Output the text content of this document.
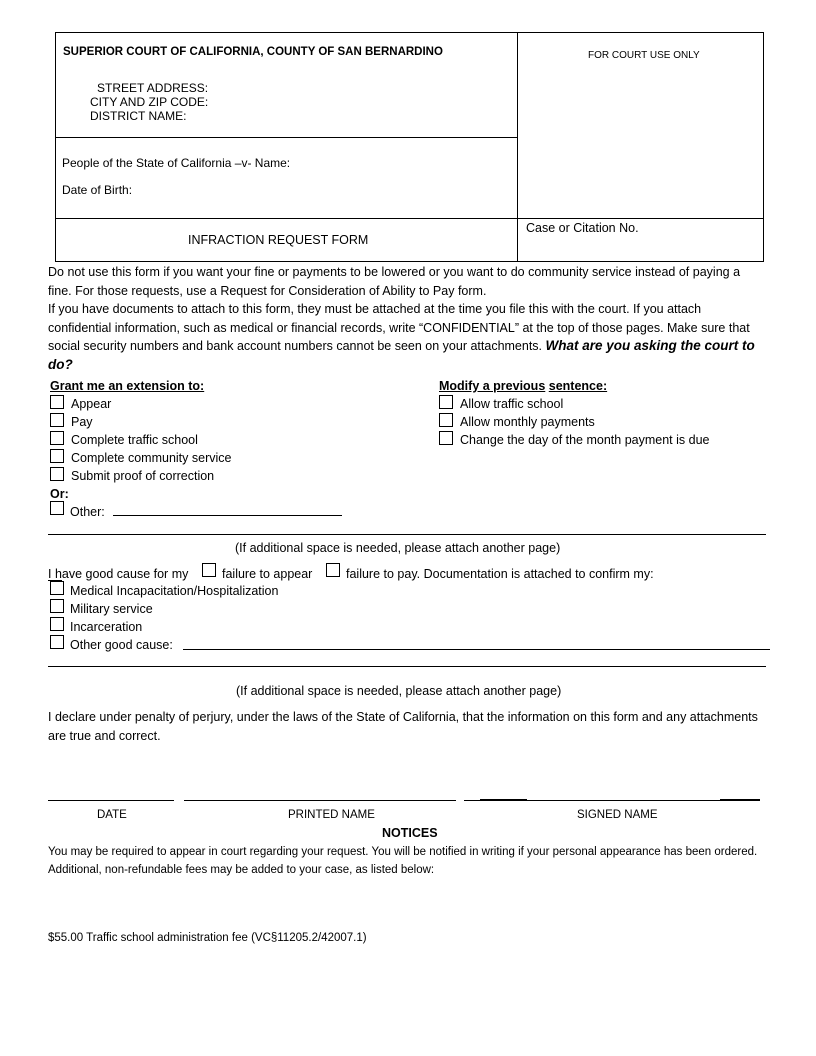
SUPERIOR COURT OF CALIFORNIA, COUNTY OF SAN BERNARDINO
STREET ADDRESS:
CITY AND ZIP CODE:
DISTRICT NAME:
FOR COURT USE ONLY
People of the State of California –v- Name:
Date of Birth:
INFRACTION REQUEST FORM
Case or Citation No.
Do not use this form if you want your fine or payments to be lowered or you want to do community service instead of paying a fine. For those requests, use a Request for Consideration of Ability to Pay form.
If you have documents to attach to this form, they must be attached at the time you file this with the court. If you attach confidential information, such as medical or financial records, write “CONFIDENTIAL” at the top of those pages. Make sure that social security numbers and bank account numbers cannot be seen on your attachments. What are you asking the court to do?
Grant me an extension to:
Appear
Pay
Complete traffic school
Complete community service
Submit proof of correction
Modify a previous sentence:
Allow traffic school
Allow monthly payments
Change the day of the month payment is due
Or:
Other:
(If additional space is needed, please attach another page)
I have good cause for my	failure to appear	failure to pay. Documentation is attached to confirm my:
Medical Incapacitation/Hospitalization
Military service
Incarceration
Other good cause:
(If additional space is needed, please attach another page)
I declare under penalty of perjury, under the laws of the State of California, that the information on this form and any attachments are true and correct.
DATE	PRINTED NAME	SIGNED NAME
NOTICES
You may be required to appear in court regarding your request. You will be notified in writing if your personal appearance has been ordered. Additional, non-refundable fees may be added to your case, as listed below:
$55.00 Traffic school administration fee (VC§11205.2/42007.1)
